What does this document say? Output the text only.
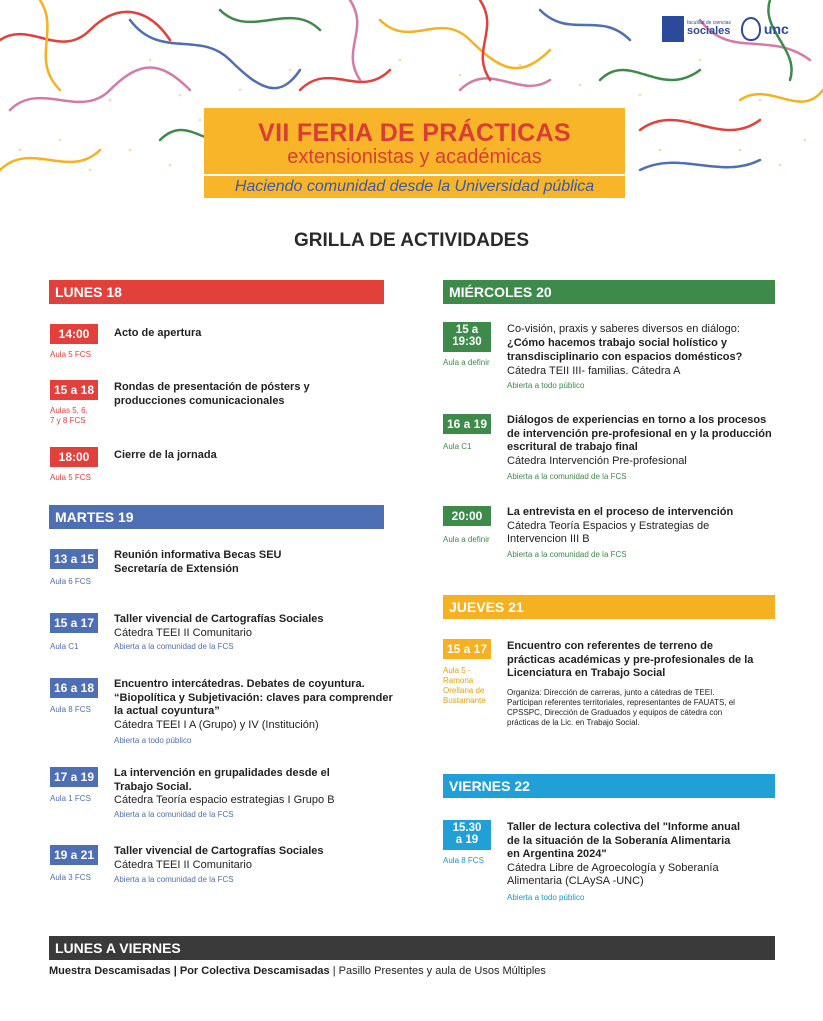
facultad de ciencias
sociales unc
VII FERIA DE PRÁCTICAS
extensionistas y académicas
Haciendo comunidad desde la Universidad pública
GRILLA DE ACTIVIDADES
LUNES 18
14:00
Aula 5 FCS
Acto de apertura
15 a 18
Aulas 5, 6, 7 y 8 FCS
Rondas de presentación de pósters y producciones comunicacionales
18:00
Aula 5 FCS
Cierre de la jornada
MARTES 19
13 a 15
Aula 6 FCS
Reunión informativa Becas SEU Secretaría de Extensión
15 a 17
Aula C1
Taller vivencial de Cartografías Sociales
Cátedra TEEI II Comunitario
Abierta a la comunidad de la FCS
16 a 18
Aula 8 FCS
Encuentro intercátedras. Debates de coyuntura. “Biopolítica y Subjetivación: claves para comprender la actual coyuntura”
Cátedra TEEI I A (Grupo) y IV (Institución)
Abierta a todo público
17 a 19
Aula 1 FCS
La intervención en grupalidades desde el Trabajo Social.
Cátedra Teoría espacio estrategias I Grupo B
Abierta a la comunidad de la FCS
19 a 21
Aula 3 FCS
Taller vivencial de Cartografías Sociales
Cátedra TEEI II Comunitario
Abierta a la comunidad de la FCS
MIÉRCOLES 20
15 a
19:30
Aula a definir
Co-visión, praxis y saberes diversos en diálogo:
¿Cómo hacemos trabajo social holístico y transdisciplinario con espacios domésticos?
Cátedra TEII III- familias. Cátedra A
Abierta a todo público
16 a 19
Aula C1
Diálogos de experiencias en torno a los procesos de intervención pre-profesional en y la producción escritural de trabajo final
Cátedra Intervención Pre-profesional
Abierta a la comunidad de la FCS
20:00
Aula a definir
La entrevista en el proceso de intervención
Cátedra Teoría Espacios y Estrategias de Intervencion III B
Abierta a la comunidad de la FCS
JUEVES 21
15 a 17
Aula 5 - Ramona Orellana de Bustamante
Encuentro con referentes de terreno de prácticas académicas y pre-profesionales de la Licenciatura en Trabajo Social
Organiza: Dirección de carreras, junto a cátedras de TEEI. Participan referentes territoriales, representantes de FAUATS, el CPSSPC, Dirección de Graduados y equipos de cátedra con prácticas de la Lic. en Trabajo Social.
VIERNES 22
15.30
a 19
Aula 8 FCS
Taller de lectura colectiva del "Informe anual de la situación de la Soberanía Alimentaria en Argentina 2024"
Cátedra Libre de Agroecología y Soberanía Alimentaria (CLAySA -UNC)
Abierta a todo público
LUNES A VIERNES
Muestra Descamisadas | Por Colectiva Descamisadas | Pasillo Presentes y aula de Usos Múltiples
